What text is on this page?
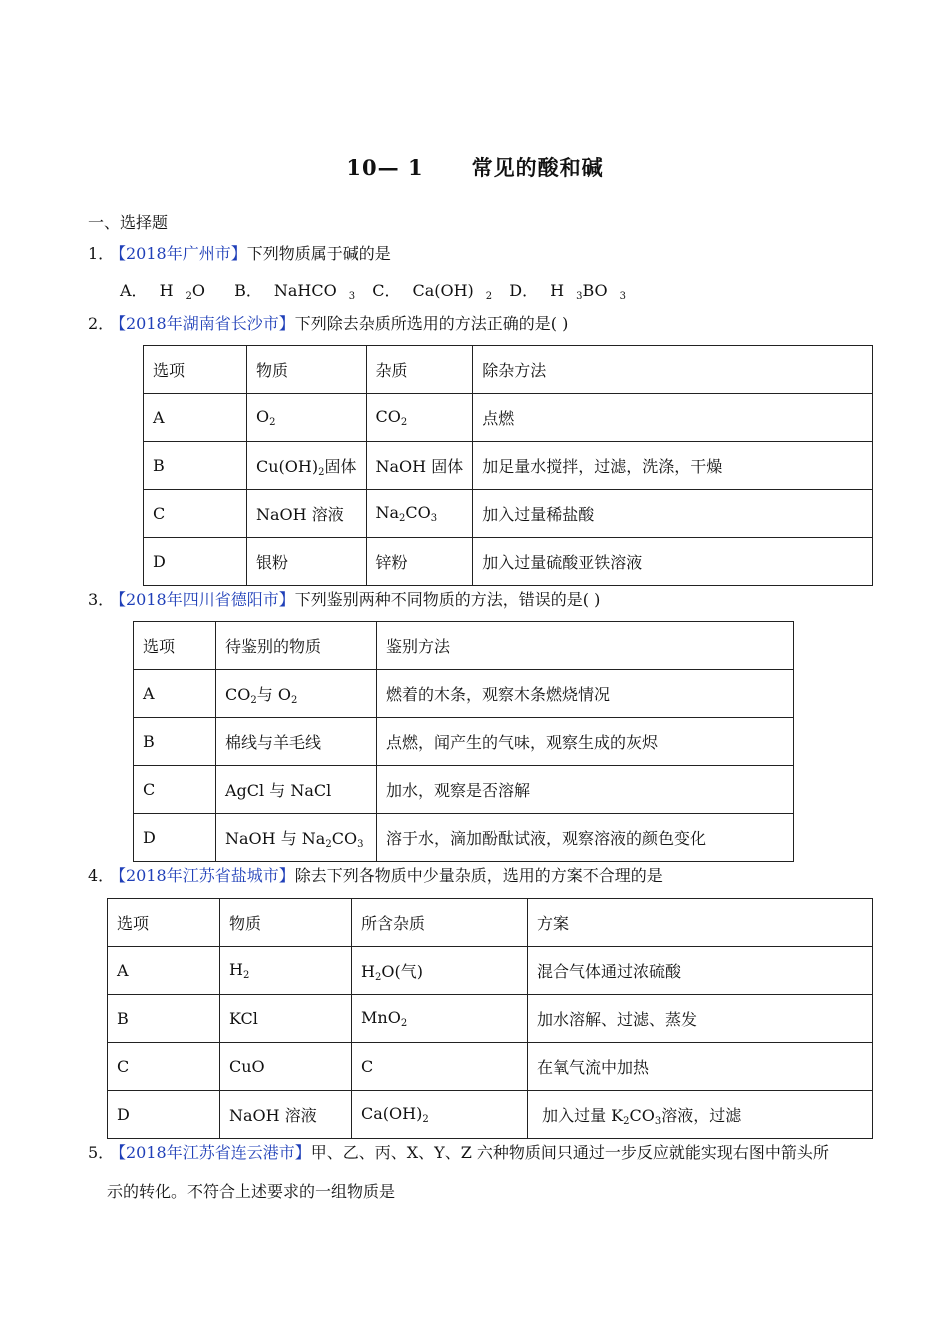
10— 1 常见的酸和碱
一、选择题
1．【2018年广州市】下列物质属于碱的是
A． H $_2$O B． NaHCO $_3$ C． Ca(OH) $_2$ D． H $_3$BO $_3$
2．【2018年湖南省长沙市】下列除去杂质所选用的方法正确的是( )
选项	物质	杂质	除杂方法
A	$O_2$	$CO_2$	点燃
B	$Cu(OH)_2$固体	NaOH 固体	加足量水搅拌，过滤，洗涤，干燥
C	NaOH 溶液	$Na_2CO_3$	加入过量稀盐酸
D	银粉	锌粉	加入过量硫酸亚铁溶液
3．【2018年四川省德阳市】下列鉴别两种不同物质的方法，错误的是( )
选项	待鉴别的物质	鉴别方法
A	$CO_2$与 $O_2$	燃着的木条，观察木条燃烧情况
B	棉线与羊毛线	点燃，闻产生的气味，观察生成的灰烬
C	AgCl 与 NaCl	加水，观察是否溶解
D	NaOH 与 $Na_2CO_3$	溶于水，滴加酚酞试液，观察溶液的颜色变化
4．【2018年江苏省盐城市】除去下列各物质中少量杂质，选用的方案不合理的是
选项	物质	所含杂质	方案
A	$H_2$	$H_2O$(气)	混合气体通过浓硫酸
B	KCl	MnO$_2$	加水溶解、过滤、蒸发
C	CuO	C	在氧气流中加热
D	NaOH 溶液	$Ca(OH)_2$	加入过量 $K_2CO_3$溶液，过滤
5．【2018年江苏省连云港市】甲、乙、丙、X、Y、Z 六种物质间只通过一步反应就能实现右图中箭头所
示的转化。不符合上述要求的一组物质是
